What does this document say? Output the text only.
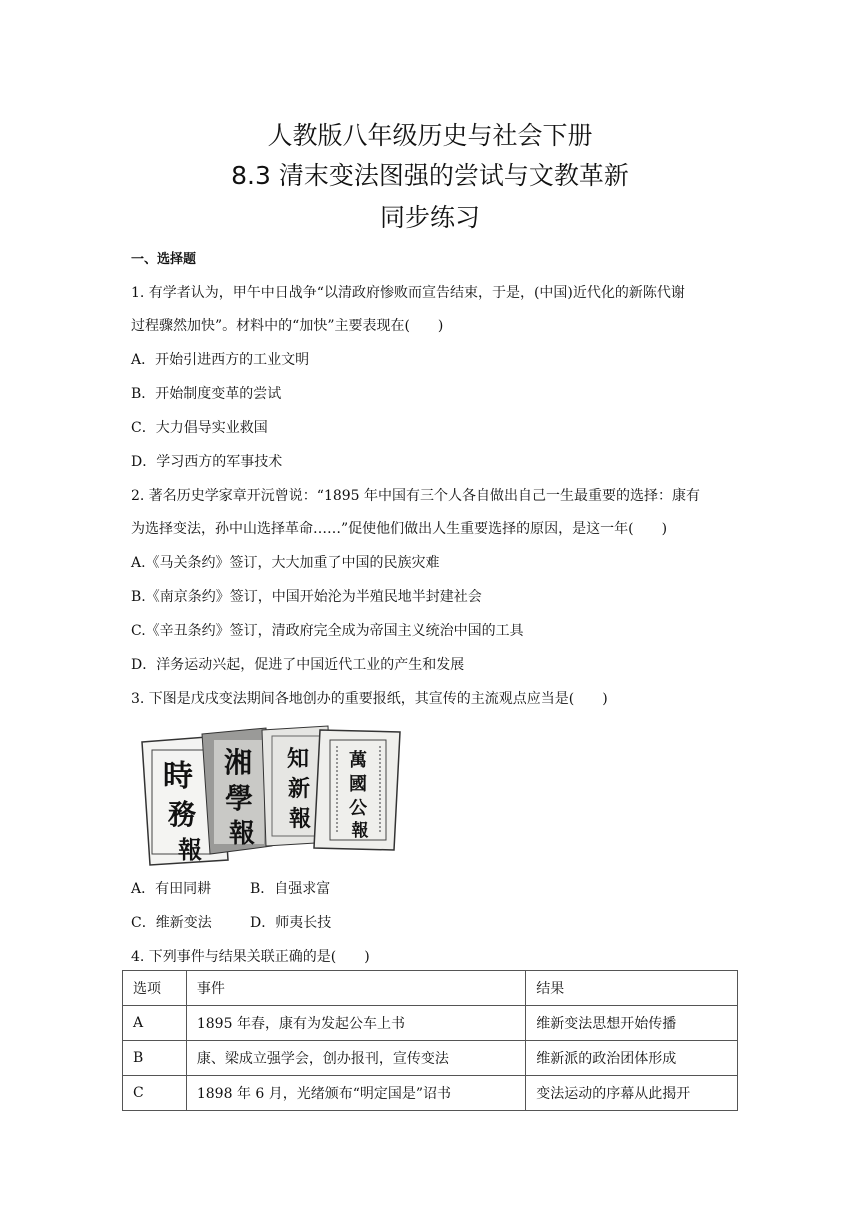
人教版八年级历史与社会下册
8.3 清末变法图强的尝试与文教革新
同步练习
一、选择题
1. 有学者认为，甲午中日战争“以清政府惨败而宣告结束，于是，(中国)近代化的新陈代谢
过程骤然加快”。材料中的“加快”主要表现在(　　)
A．开始引进西方的工业文明
B．开始制度变革的尝试
C．大力倡导实业救国
D．学习西方的军事技术
2. 著名历史学家章开沅曾说：“1895 年中国有三个人各自做出自己一生最重要的选择：康有
为选择变法，孙中山选择革命……”促使他们做出人生重要选择的原因，是这一年(　　)
A.《马关条约》签订，大大加重了中国的民族灾难
B.《南京条约》签订，中国开始沦为半殖民地半封建社会
C.《辛丑条约》签订，清政府完全成为帝国主义统治中国的工具
D．洋务运动兴起，促进了中国近代工业的产生和发展
3. 下图是戊戌变法期间各地创办的重要报纸，其宣传的主流观点应当是(　　)
時
務
報
湘
學
報
知
新
報
萬
國
公
報
A．有田同耕	B．自强求富
C．维新变法	D．师夷长技
4. 下列事件与结果关联正确的是(　　)
选项	事件	结果
A	1895 年春，康有为发起公车上书	维新变法思想开始传播
B	康、梁成立强学会，创办报刊，宣传变法	维新派的政治团体形成
C	1898 年 6 月，光绪颁布“明定国是”诏书	变法运动的序幕从此揭开
